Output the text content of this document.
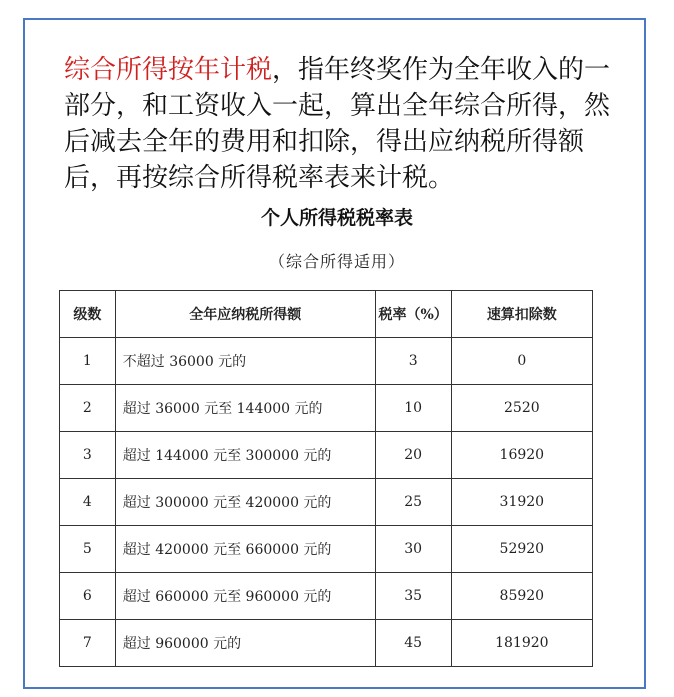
综合所得按年计税，指年终奖作为全年收入的一部分，和工资收入一起，算出全年综合所得，然后减去全年的费用和扣除，得出应纳税所得额后，再按综合所得税率表来计税。
个人所得税税率表
（综合所得适用）
级数	全年应纳税所得额	税率（%）	速算扣除数
1	不超过 36000 元的	3	0
2	超过 36000 元至 144000 元的	10	2520
3	超过 144000 元至 300000 元的	20	16920
4	超过 300000 元至 420000 元的	25	31920
5	超过 420000 元至 660000 元的	30	52920
6	超过 660000 元至 960000 元的	35	85920
7	超过 960000 元的	45	181920
